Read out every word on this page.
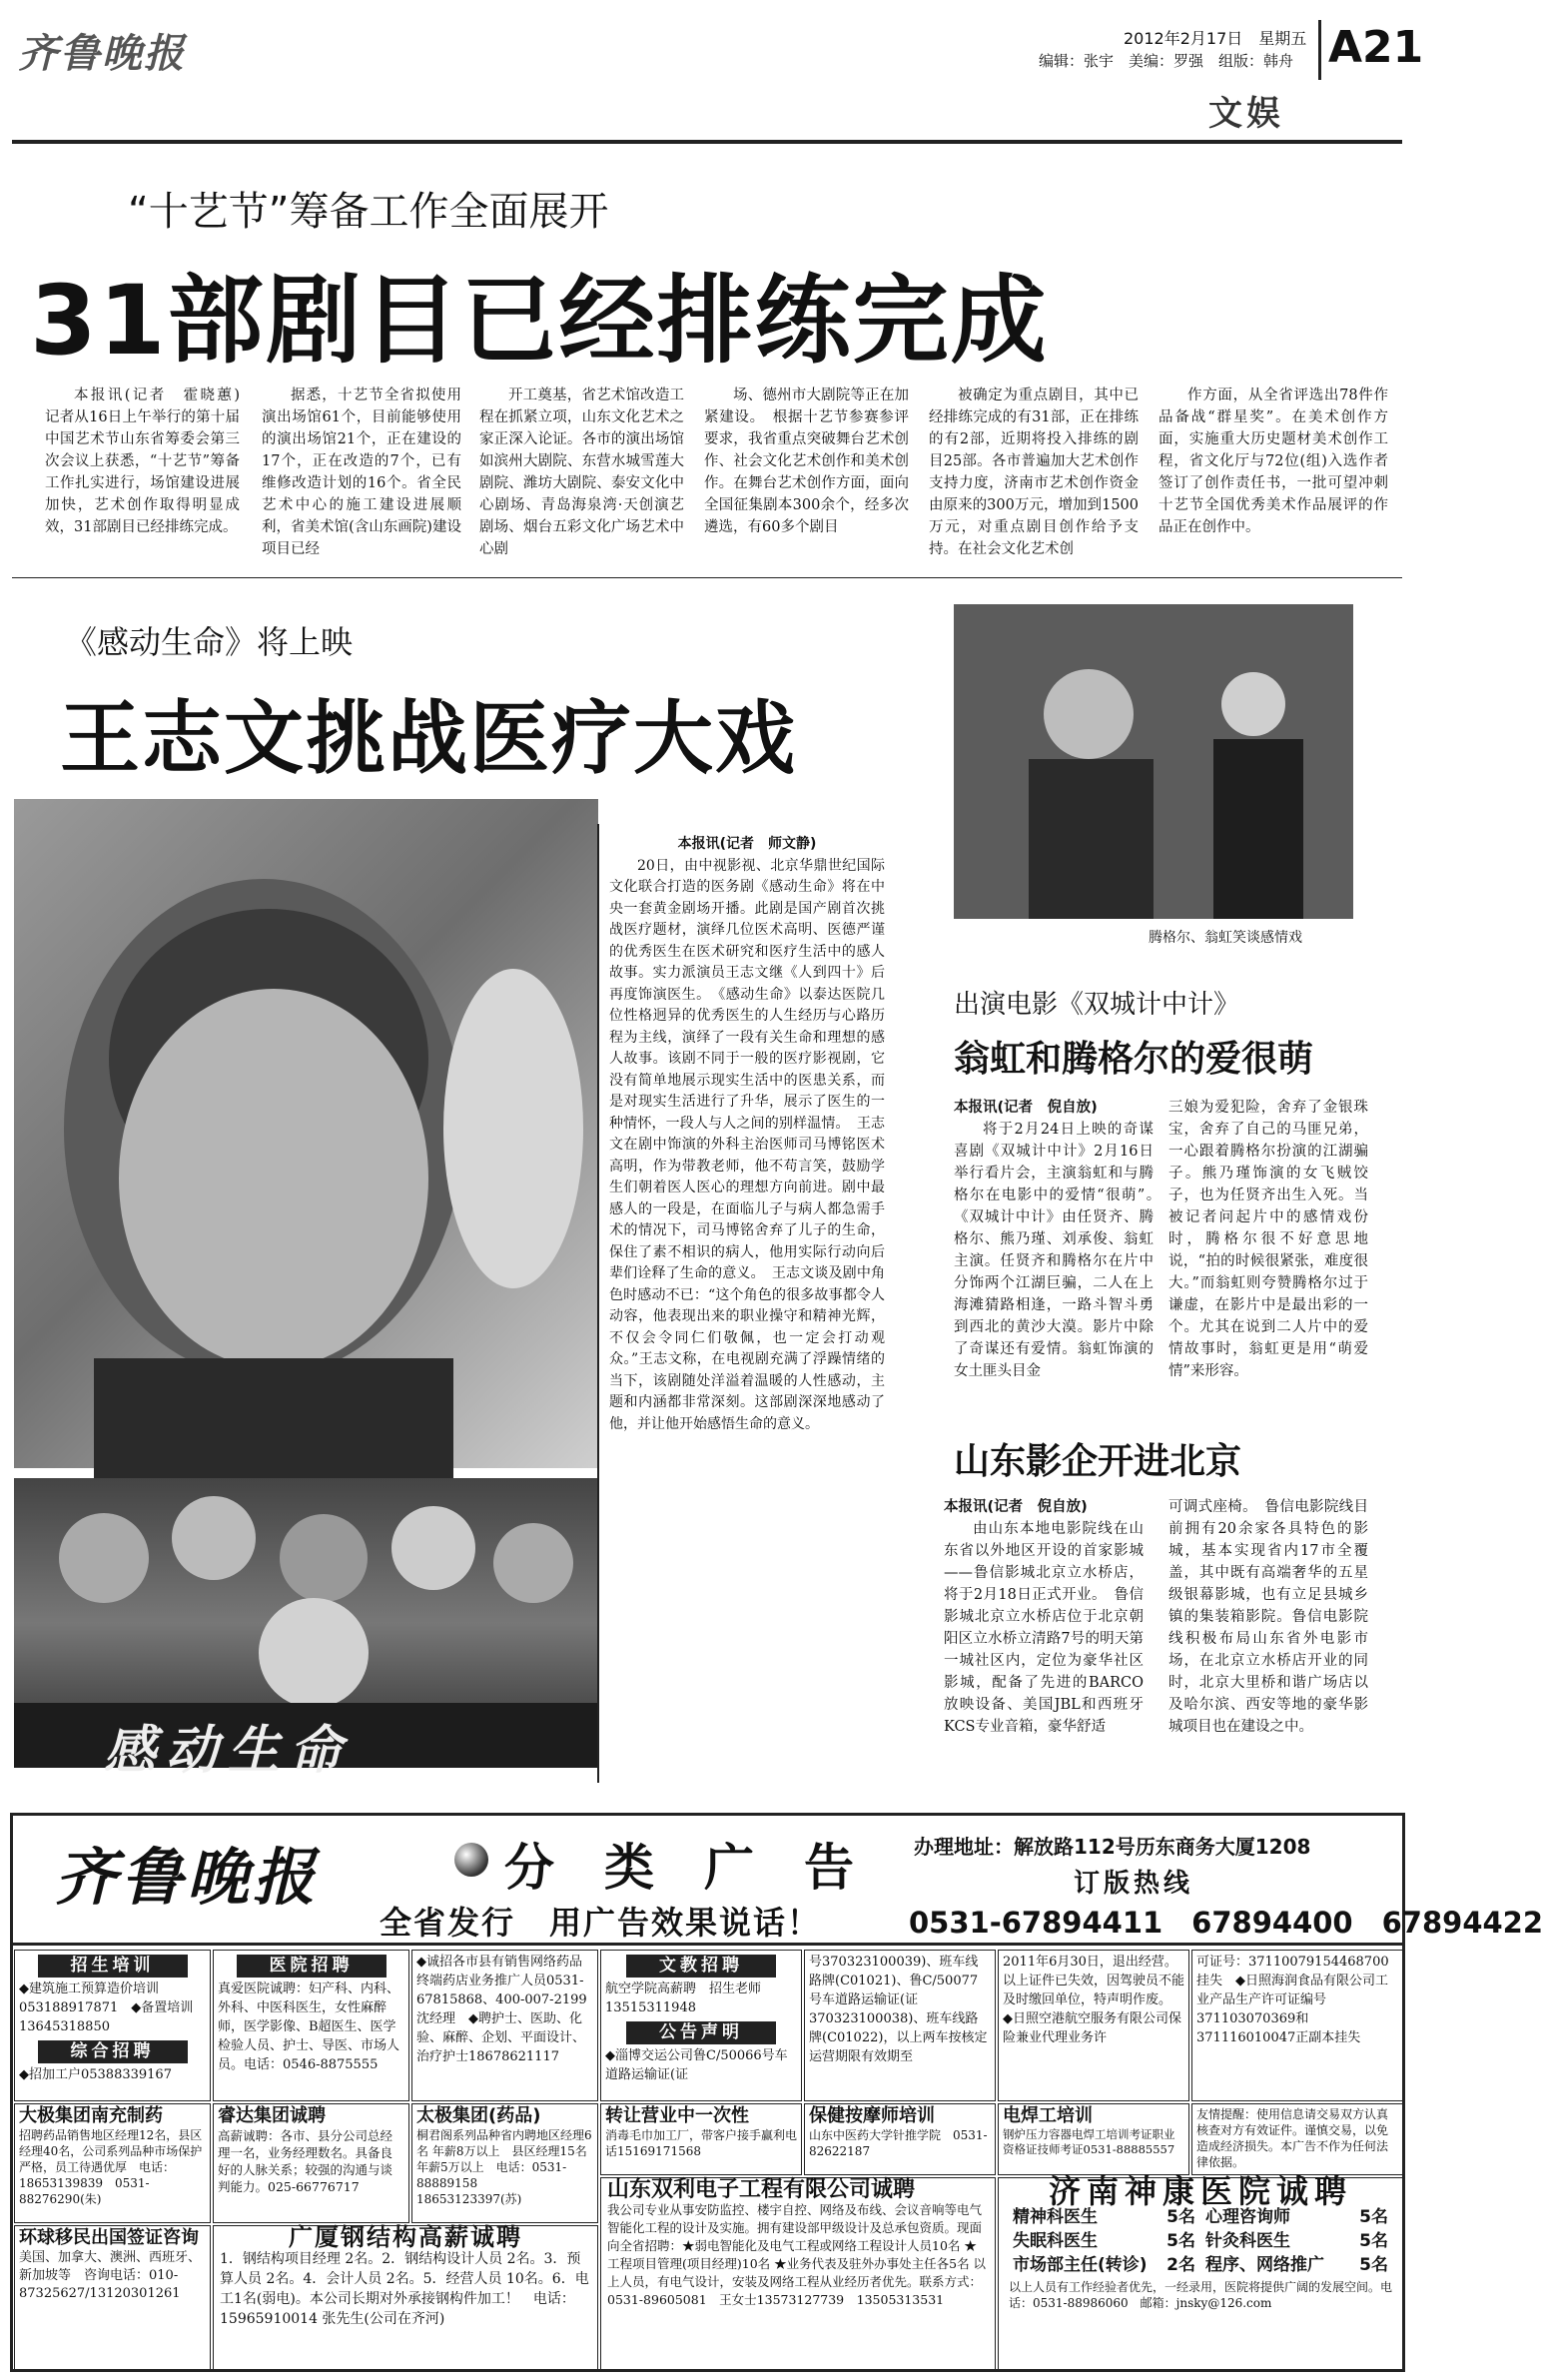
齐鲁晚报	2012年2月17日　星期五
编辑：张宇　美编：罗强　组版：韩舟 A21
文娱
“十艺节”筹备工作全面展开
31部剧目已经排练完成

本报讯(记者　霍晓蕙)　记者从16日上午举行的第十届中国艺术节山东省筹委会第三次会议上获悉，“十艺节”筹备工作扎实进行，场馆建设进展加快，艺术创作取得明显成效，31部剧目已经排练完成。

据悉，十艺节全省拟使用演出场馆61个，目前能够使用的演出场馆21个，正在建设的17个，正在改造的7个，已有维修改造计划的16个。省全民艺术中心的施工建设进展顺利，省美术馆(含山东画院)建设项目已经

开工奠基，省艺术馆改造工程在抓紧立项，山东文化艺术之家正深入论证。各市的演出场馆如滨州大剧院、东营水城雪莲大剧院、潍坊大剧院、泰安文化中心剧场、青岛海泉湾·天创演艺剧场、烟台五彩文化广场艺术中心剧

场、德州市大剧院等正在加紧建设。　根据十艺节参赛参评要求，我省重点突破舞台艺术创作、社会文化艺术创作和美术创作。在舞台艺术创作方面，面向全国征集剧本300余个，经多次遴选，有60多个剧目

被确定为重点剧目，其中已经排练完成的有31部，正在排练的有2部，近期将投入排练的剧目25部。各市普遍加大艺术创作支持力度，济南市艺术创作资金由原来的300万元，增加到1500万元，对重点剧目创作给予支持。在社会文化艺术创

作方面，从全省评选出78件作品备战“群星奖”。在美术创作方面，实施重大历史题材美术创作工程，省文化厅与72位(组)入选作者签订了创作责任书，一批可望冲刺十艺节全国优秀美术作品展评的作品正在创作中。

《感动生命》将上映
王志文挑战医疗大戏
感动生命

本报讯(记者　师文静)

20日，由中视影视、北京华鼎世纪国际文化联合打造的医务剧《感动生命》将在中央一套黄金剧场开播。此剧是国产剧首次挑战医疗题材，演绎几位医术高明、医德严谨的优秀医生在医术研究和医疗生活中的感人故事。实力派演员王志文继《人到四十》后再度饰演医生。　《感动生命》以泰达医院几位性格迥异的优秀医生的人生经历与心路历程为主线，演绎了一段有关生命和理想的感人故事。该剧不同于一般的医疗影视剧，它没有简单地展示现实生活中的医患关系，而是对现实生活进行了升华，展示了医生的一种情怀，一段人与人之间的别样温情。　王志文在剧中饰演的外科主治医师司马博铭医术高明，作为带教老师，他不苟言笑，鼓励学生们朝着医人医心的理想方向前进。剧中最感人的一段是，在面临儿子与病人都急需手术的情况下，司马博铭舍弃了儿子的生命，保住了素不相识的病人，他用实际行动向后辈们诠释了生命的意义。　王志文谈及剧中角色时感动不已：“这个角色的很多故事都令人动容，他表现出来的职业操守和精神光辉，不仅会令同仁们敬佩，也一定会打动观众。”王志文称，在电视剧充满了浮躁情绪的当下，该剧随处洋溢着温暖的人性感动，主题和内涵都非常深刻。这部剧深深地感动了他，并让他开始感悟生命的意义。

腾格尔、翁虹笑谈感情戏
出演电影《双城计中计》
翁虹和腾格尔的爱很萌

本报讯(记者　倪自放)

将于2月24日上映的奇谋喜剧《双城计中计》2月16日举行看片会，主演翁虹和与腾格尔在电影中的爱情“很萌”。　《双城计中计》由任贤齐、腾格尔、熊乃瑾、刘承俊、翁虹主演。任贤齐和腾格尔在片中分饰两个江湖巨骗，二人在上海滩猜路相逢，一路斗智斗勇到西北的黄沙大漠。影片中除了奇谋还有爱情。翁虹饰演的女土匪头目金

三娘为爱犯险，舍弃了金银珠宝，舍弃了自己的马匪兄弟，一心跟着腾格尔扮演的江湖骗子。熊乃瑾饰演的女飞贼饺子，也为任贤齐出生入死。当被记者问起片中的感情戏份时，腾格尔很不好意思地说，“拍的时候很紧张，难度很大。”而翁虹则夸赞腾格尔过于谦虚，在影片中是最出彩的一个。尤其在说到二人片中的爱情故事时，翁虹更是用“萌爱情”来形容。

山东影企开进北京

本报讯(记者　倪自放)

由山东本地电影院线在山东省以外地区开设的首家影城——鲁信影城北京立水桥店，将于2月18日正式开业。　鲁信影城北京立水桥店位于北京朝阳区立水桥立清路7号的明天第一城社区内，定位为豪华社区影城，配备了先进的BARCO放映设备、美国JBL和西班牙KCS专业音箱，豪华舒适

可调式座椅。　鲁信电影院线目前拥有20余家各具特色的影城，基本实现省内17市全覆盖，其中既有高端奢华的五星级银幕影城，也有立足县城乡镇的集装箱影院。鲁信电影院线积极布局山东省外电影市场，在北京立水桥店开业的同时，北京大里桥和谐广场店以及哈尔滨、西安等地的豪华影城项目也在建设之中。

齐鲁晚报	分　类　广　告
全省发行　用广告效果说话！
办理地址：解放路112号历东商务大厦1208
订版热线
0531-67894411　67894400　67894422
招生培训
◆建筑施工预算造价培训 053188917871　◆备置培训13645318850
综合招聘
◆招加工户05388339167
医院招聘
真爱医院诚聘：妇产科、内科、外科、中医科医生，女性麻醉师，医学影像、B超医生、医学检验人员、护士、导医、市场人员。电话：0546-8875555
◆诚招各市县有销售网络药品终端药店业务推广人员0531-67815868、400-007-2199沈经理　◆聘护士、医助、化验、麻醉、企划、平面设计、治疗护士18678621117
文教招聘
航空学院高薪聘　招生老师13515311948
公告声明
◆淄博交运公司鲁C/50066号车道路运输证(证
号370323100039)、班车线路牌(C01021)、鲁C/50077号车道路运输证(证370323100038)、班车线路牌(C01022)，以上两车按核定运营期限有效期至
2011年6月30日，退出经营。以上证件已失效，因驾驶员不能及时缴回单位，特声明作废。　◆日照空港航空服务有限公司保险兼业代理业务许
可证号：37110079154468700挂失　◆日照海润食品有限公司工业产品生产许可证编号371103070369和371116010047正副本挂失
大极集团南充制药
招聘药品销售地区经理12名，县区经理40名，公司系列品种市场保护严格，员工待遇优厚　电话：18653139839　0531-88276290(朱)
睿达集团诚聘
高薪诚聘：各市、县分公司总经理一名，业务经理数名。具备良好的人脉关系；较强的沟通与谈判能力。025-66776717
太极集团(药品)
桐君阁系列品种省内聘地区经理6名 年薪8万以上　县区经理15名 年薪5万以上　电话：0531-88889158　18653123397(苏)
转让营业中一次性
消毒毛巾加工厂，带客户接手赢利电话15169171568
保健按摩师培训
山东中医药大学针推学院　0531-82622187
电焊工培训
钢炉压力容器电焊工培训考证职业资格证技师考证0531-88885557
友情提醒：使用信息请交易双方认真核查对方有效证件。谨慎交易，以免造成经济损失。本广告不作为任何法律依据。
环球移民出国签证咨询
美国、加拿大、澳洲、西班牙、新加坡等　咨询电话：010-87325627/13120301261
广厦钢结构高薪诚聘
1．钢结构项目经理 2名。2．钢结构设计人员 2名。3．预算人员 2名。4．会计人员 2名。5．经营人员 10名。6．电工1名(弱电)。本公司长期对外承接钢构件加工！　电话：15965910014 张先生(公司在齐河)
山东双利电子工程有限公司诚聘
我公司专业从事安防监控、楼宇自控、网络及布线、会议音响等电气智能化工程的设计及实施。拥有建设部甲级设计及总承包资质。现面向全省招聘：★弱电智能化及电气工程或网络工程设计人员10名 ★工程项目管理(项目经理)10名 ★业务代表及驻外办事处主任各5名 以上人员，有电气设计，安装及网络工程从业经历者优先。联系方式：0531-89605081　王女士13573127739　13505313531
济南神康医院诚聘
精神科医生	5名 心理咨询师	5名
失眠科医生	5名 针灸科医生	5名
市场部主任(转诊) 2名 程序、网络推广 5名
以上人员有工作经验者优先，一经录用，医院将提供广阔的发展空间。电话：0531-88986060　邮箱：jnsky@126.com
